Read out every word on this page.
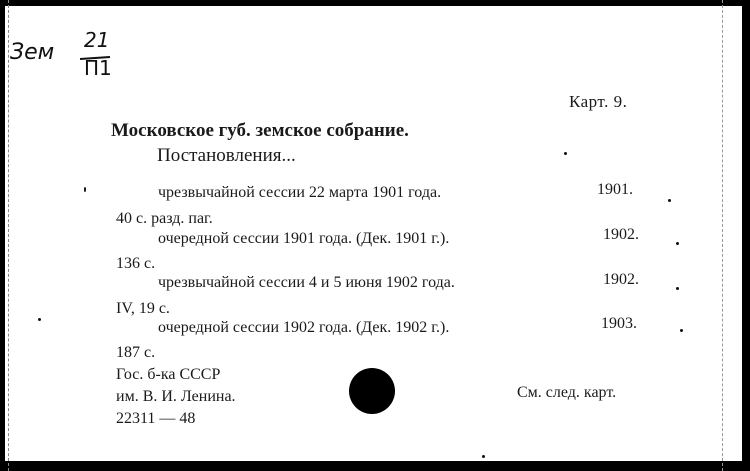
Зем 21
П1
Карт. 9.
Московское губ. земское собрание.
Постановления...
чрезвычайной сессии 22 марта 1901 года.	1901.
40 с. разд. паг.
очередной сессии 1901 года. (Дек. 1901 г.).	1902.
136 с.
чрезвычайной сессии 4 и 5 июня 1902 года.	1902.
IV, 19 с.
очередной сессии 1902 года. (Дек. 1902 г.).	1903.
187 с.
Гос. б-ка СССР
им. В. И. Ленина.
22311 — 48
См. след. карт.
